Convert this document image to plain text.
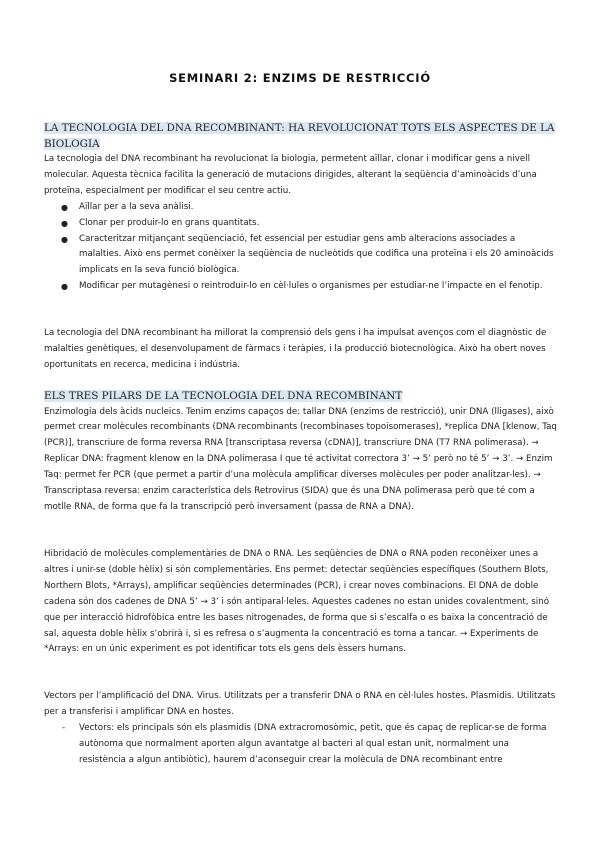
SEMINARI 2: ENZIMS DE RESTRICCIÓ
LA TECNOLOGIA DEL DNA RECOMBINANT: HA REVOLUCIONAT TOTS ELS ASPECTES DE LA BIOLOGIA

La tecnologia del DNA recombinant ha revolucionat la biologia, permetent aïllar, clonar i modificar gens a nivell molecular. Aquesta tècnica facilita la generació de mutacions dirigides, alterant la seqüència d’aminoàcids d’una proteïna, especialment per modificar el seu centre actiu.

● Aïllar per a la seva anàlisi.
● Clonar per produir-lo en grans quantitats.
● Caracteritzar mitjançant seqüenciació, fet essencial per estudiar gens amb alteracions associades a malalties. Això ens permet conèixer la seqüència de nucleòtids que codifica una proteïna i els 20 aminoàcids implicats en la seva funció biològica.
● Modificar per mutagènesi o reintroduir-lo en cèl·lules o organismes per estudiar-ne l’impacte en el fenotip.

La tecnologia del DNA recombinant ha millorat la comprensió dels gens i ha impulsat avenços com el diagnòstic de malalties genètiques, el desenvolupament de fàrmacs i teràpies, i la producció biotecnològica. Això ha obert noves oportunitats en recerca, medicina i indústria.

ELS TRES PILARS DE LA TECNOLOGIA DEL DNA RECOMBINANT

Enzimologia dels àcids nucleics. Tenim enzims capaços de: tallar DNA (enzims de restricció), unir DNA (lligases), això permet crear molècules recombinants (DNA recombinants (recombinases topoisomerases), *replica DNA [klenow, Taq (PCR)], transcriure de forma reversa RNA [transcriptasa reversa (cDNA)], transcriure DNA (T7 RNA polimerasa). → Replicar DNA: fragment klenow en la DNA polimerasa I que té activitat correctora 3’ → 5’ però no té 5’ → 3’. → Enzim Taq: permet fer PCR (que permet a partir d’una molècula amplificar diverses molècules per poder analitzar-les). → Transcriptasa reversa: enzim característica dels Retrovirus (SIDA) que és una DNA polimerasa però que té com a motlle RNA, de forma que fa la transcripció però inversament (passa de RNA a DNA).

Hibridació de molècules complementàries de DNA o RNA. Les seqüències de DNA o RNA poden reconèixer unes a altres i unir-se (doble hèlix) si són complementàries. Ens permet: detectar seqüències específiques (Southern Blots, Northern Blots, *Arrays), amplificar seqüències determinades (PCR), i crear noves combinacions. El DNA de doble cadena són dos cadenes de DNA 5’ → 3’ i són antiparal·leles. Aquestes cadenes no estan unides covalentment, sinó que per interacció hidrofòbica entre les bases nitrogenades, de forma que si s’escalfa o es baixa la concentració de sal, aquesta doble hèlix s’obrirà i, si es refresa o s’augmenta la concentració es torna a tancar. → Experiments de *Arrays: en un únic experiment es pot identificar tots els gens dels èssers humans.

Vectors per l’amplificació del DNA. Virus. Utilitzats per a transferir DNA o RNA en cèl·lules hostes. Plasmidis. Utilitzats per a transferisi i amplificar DNA en hostes.

- Vectors: els principals són els plasmidis (DNA extracromosòmic, petit, que és capaç de replicar-se de forma autònoma que normalment aporten algun avantatge al bacteri al qual estan unit, normalment una resistència a algun antibiòtic), haurem d’aconseguir crear la molècula de DNA recombinant entre
